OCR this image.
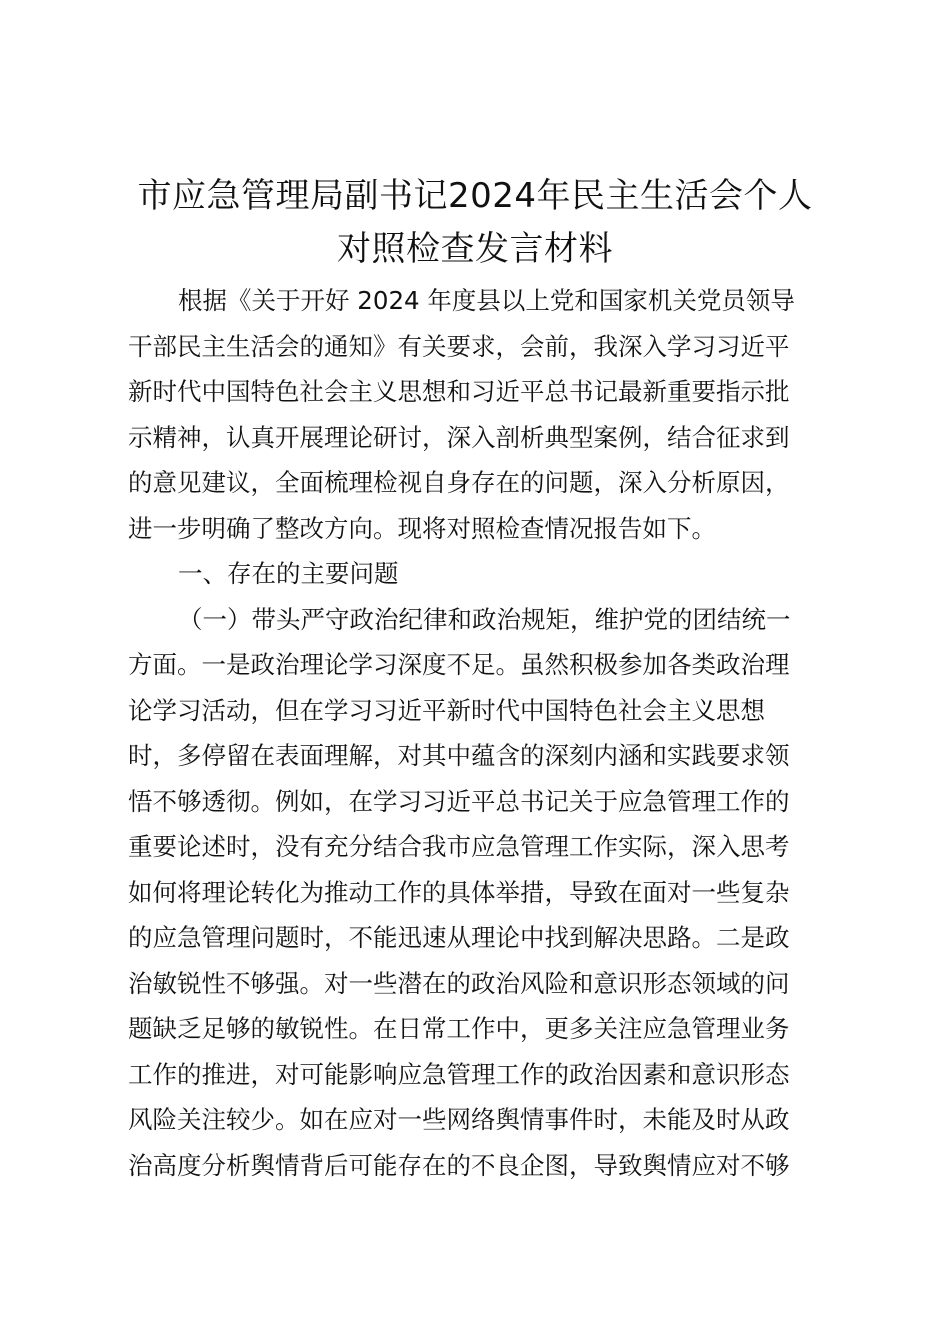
市应急管理局副书记2024年民主生活会个人
对照检查发言材料
根据《关于开好 2024 年度县以上党和国家机关党员领导
干部民主生活会的通知》有关要求，会前，我深入学习习近平
新时代中国特色社会主义思想和习近平总书记最新重要指示批
示精神，认真开展理论研讨，深入剖析典型案例，结合征求到
的意见建议，全面梳理检视自身存在的问题，深入分析原因，
进一步明确了整改方向。现将对照检查情况报告如下。
一、存在的主要问题
（一）带头严守政治纪律和政治规矩，维护党的团结统一
方面。一是政治理论学习深度不足。虽然积极参加各类政治理
论学习活动，但在学习习近平新时代中国特色社会主义思想
时，多停留在表面理解，对其中蕴含的深刻内涵和实践要求领
悟不够透彻。例如，在学习习近平总书记关于应急管理工作的
重要论述时，没有充分结合我市应急管理工作实际，深入思考
如何将理论转化为推动工作的具体举措，导致在面对一些复杂
的应急管理问题时，不能迅速从理论中找到解决思路。二是政
治敏锐性不够强。对一些潜在的政治风险和意识形态领域的问
题缺乏足够的敏锐性。在日常工作中，更多关注应急管理业务
工作的推进，对可能影响应急管理工作的政治因素和意识形态
风险关注较少。如在应对一些网络舆情事件时，未能及时从政
治高度分析舆情背后可能存在的不良企图，导致舆情应对不够
